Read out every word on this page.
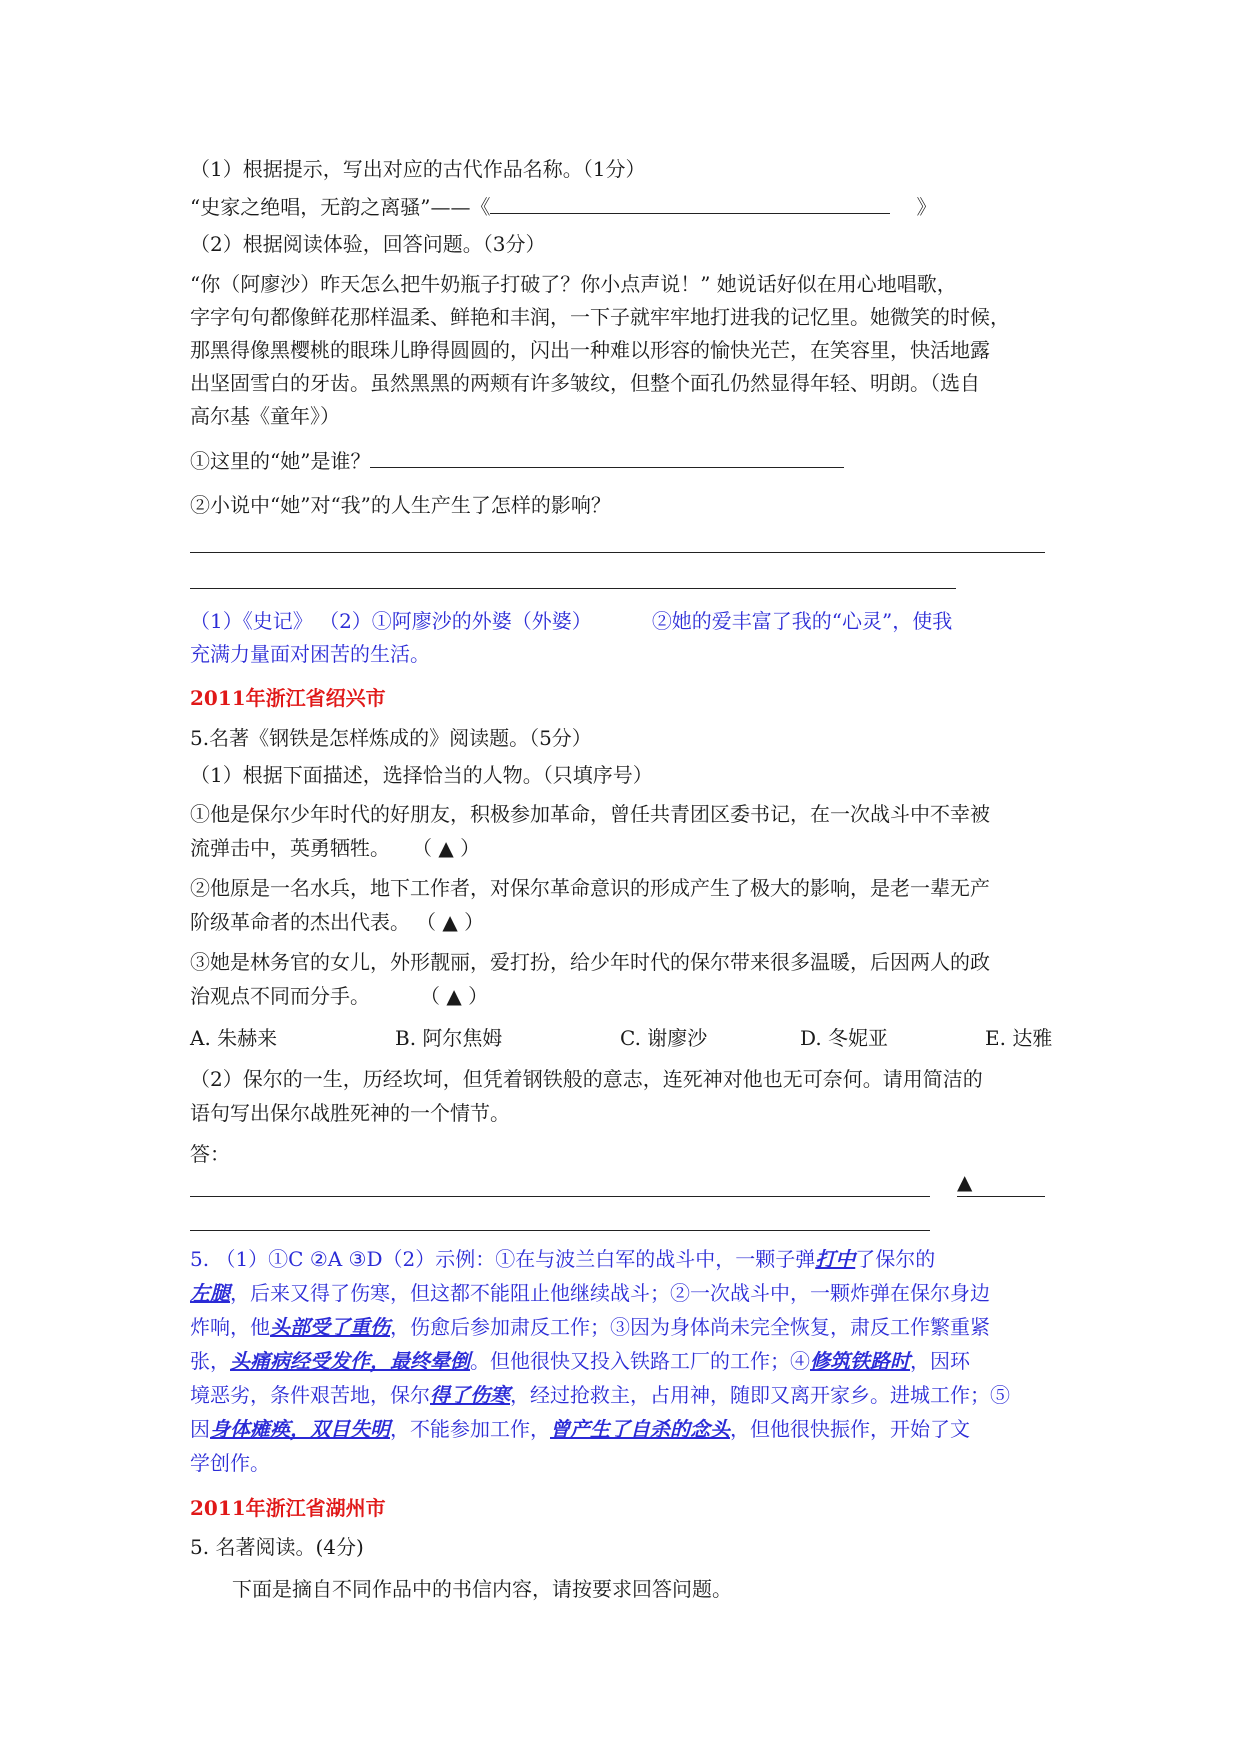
（1）根据提示，写出对应的古代作品名称。（1分）
“史家之绝唱，无韵之离骚”——《	》
（2）根据阅读体验，回答问题。（3分）
“你（阿廖沙）昨天怎么把牛奶瓶子打破了？你小点声说！” 她说话好似在用心地唱歌，
字字句句都像鲜花那样温柔、鲜艳和丰润，一下子就牢牢地打进我的记忆里。她微笑的时候，
那黑得像黑樱桃的眼珠儿睁得圆圆的，闪出一种难以形容的愉快光芒，在笑容里，快活地露
出坚固雪白的牙齿。虽然黑黑的两颊有许多皱纹，但整个面孔仍然显得年轻、明朗。（选自
高尔基《童年》）
①这里的“她”是谁？
②小说中“她”对“我”的人生产生了怎样的影响？
（1）《史记》 （2）①阿廖沙的外婆（外婆）	②她的爱丰富了我的“心灵”，使我
充满力量面对困苦的生活。
2011年浙江省绍兴市
5.名著《钢铁是怎样炼成的》阅读题。（5分）
（1）根据下面描述，选择恰当的人物。（只填序号）
①他是保尔少年时代的好朋友，积极参加革命，曾任共青团区委书记，在一次战斗中不幸被
流弹击中，英勇牺牲。 （ ▲ ）
②他原是一名水兵，地下工作者，对保尔革命意识的形成产生了极大的影响，是老一辈无产
阶级革命者的杰出代表。 （ ▲ ）
③她是林务官的女儿，外形靓丽，爱打扮，给少年时代的保尔带来很多温暖，后因两人的政
治观点不同而分手。	（ ▲ ）
A. 朱赫来	B. 阿尔焦姆	C. 谢廖沙	D. 冬妮亚	E. 达雅
（2）保尔的一生，历经坎坷，但凭着钢铁般的意志，连死神对他也无可奈何。请用简洁的
语句写出保尔战胜死神的一个情节。
答：
▲
5. （1）①C ②A ③D（2）示例：①在与波兰白军的战斗中，一颗子弹打中了保尔的
左腿，后来又得了伤寒，但这都不能阻止他继续战斗；②一次战斗中，一颗炸弹在保尔身边
炸响，他头部受了重伤，伤愈后参加肃反工作；③因为身体尚未完全恢复，肃反工作繁重紧
张，头痛病经受发作，最终晕倒。但他很快又投入铁路工厂的工作；④修筑铁路时，因环
境恶劣，条件艰苦地，保尔得了伤寒，经过抢救主，占用神，随即又离开家乡。进城工作；⑤
因身体瘫痪，双目失明，不能参加工作，曾产生了自杀的念头，但他很快振作，开始了文
学创作。
2011年浙江省湖州市
5. 名著阅读。(4分)
下面是摘自不同作品中的书信内容，请按要求回答问题。
